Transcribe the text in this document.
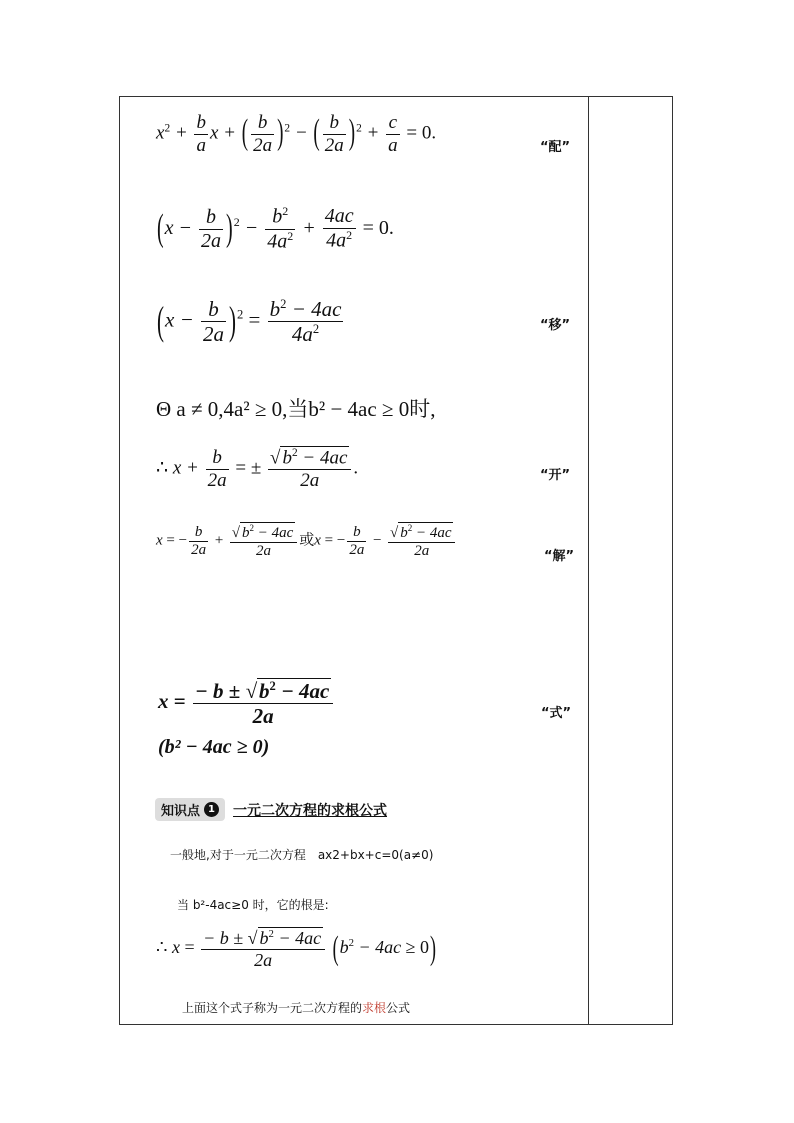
$x^2 + \frac{b}{a}$ x + ( $\frac{b}{2a} )^2$ − ( $\frac{b}{2a} )^2 + \frac{c}{a} = 0$.
“配”
$(x - \frac{b}{2a} )^2 - \frac{b^2}{4a^2} + \frac{4ac}{4a^2} = 0$.
$(x - \frac{b}{2a} )^2 = \frac{b^2 - 4ac}{4a^2}$	“移”
Θ a ≠ 0,4a² ≥ 0,当b² − 4ac ≥ 0时,
∴ $x + \frac{b}{2a}$ = ± $\frac{√ b^2 - 4ac}{2a}$ .	“开”
x = − $\frac{b}{2a} + \frac{√ b^2 - 4ac}{2a}$ 或x = − $\frac{b}{2a} - \frac{√ b^2 - 4ac}{2a}$	“解”
$x = \frac{- b \pm √b^2 - 4ac}{2a}$
(b² − 4ac ≥ 0)
“式”
知识点 1 一元二次方程的求根公式
一般地,对于一元二次方程　ax2+bx+c=0(a≠0)
当 b²-4ac≥0 时，它的根是:
∴ $x = \frac{- b \pm √ b^2 - 4ac}{2a} (b^2 - 4ac \ge 0)$
上面这个式子称为一元二次方程的求根公式
